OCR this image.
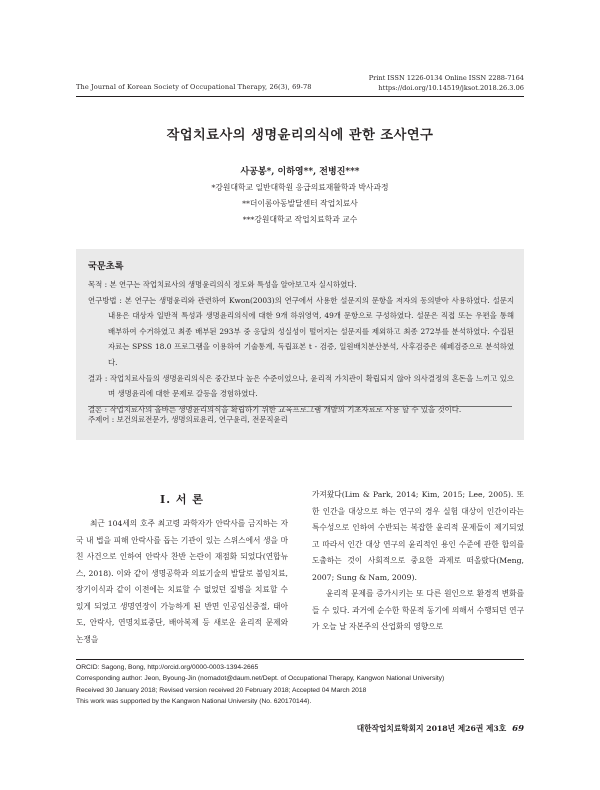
The Journal of Korean Society of Occupational Therapy, 26(3), 69-78
Print ISSN 1226-0134 Online ISSN 2288-7164
https://doi.org/10.14519/jksot.2018.26.3.06
작업치료사의 생명윤리의식에 관한 조사연구
사공봉*, 이하영**, 전병진***
*강원대학교 일반대학원 응급의료재활학과 박사과정
**더이롬아동발달센터 작업치료사
***강원대학교 작업치료학과 교수
국문초록
목적 : 본 연구는 작업치료사의 생명윤리의식 정도와 특성을 알아보고자 실시하였다.
연구방법 : 본 연구는 생명윤리와 관련하여 Kwon(2003)의 연구에서 사용한 설문지의 문항을 저자의 동의받아 사용하였다. 설문지 내용은 대상자 일반적 특성과 생명윤리의식에 대한 9개 하위영역, 49개 문항으로 구성하였다. 설문은 직접 또는 우편을 통해 배부하여 수거하였고 최종 배부된 293부 중 응답의 성실성이 떨어지는 설문지를 제외하고 최종 272부를 분석하였다. 수집된 자료는 SPSS 18.0 프로그램을 이용하여 기술통계, 독립표본 t - 검증, 일원배치분산분석, 사후검증은 쉐페검증으로 분석하였다.
결과 : 작업치료사들의 생명윤리의식은 중간보다 높은 수준이었으나, 윤리적 가치관이 확립되지 않아 의사결정의 혼돈을 느끼고 있으며 생명윤리에 대한 문제로 갈등을 경험하였다.
결론 : 작업치료사의 올바른 생명윤리의식을 확립하기 위한 교육프로그램 개발의 기초자료로 사용 할 수 있을 것이다.
주제어 : 보건의료전문가, 생명의료윤리, 연구윤리, 전문직윤리
Ⅰ. 서 론
최근 104세의 호주 최고령 과학자가 안락사를 금지하는 자국 내 법을 피해 안락사를 돕는 기관이 있는 스위스에서 생을 마친 사건으로 인하여 안락사 찬반 논란이 재점화 되었다(연합뉴스, 2018). 이와 같이 생명공학과 의료기술의 발달로 불임치료, 장기이식과 같이 이전에는 치료할 수 없었던 질병을 치료할 수 있게 되었고 생명연장이 가능하게 된 반면 인공임신중절, 태아도, 안락사, 연명치료중단, 배아복제 등 새로운 윤리적 문제와 논쟁을

가져왔다(Lim & Park, 2014; Kim, 2015; Lee, 2005). 또한 인간을 대상으로 하는 연구의 경우 실험 대상이 인간이라는 특수성으로 인하여 수반되는 복잡한 윤리적 문제들이 제기되었고 따라서 인간 대상 연구의 윤리적인 용인 수준에 관한 합의를 도출하는 것이 사회적으로 중요한 과제로 떠올랐다(Meng, 2007; Sung & Nam, 2009).

윤리적 문제를 증가시키는 또 다른 원인으로 환경적 변화를 들 수 있다. 과거에 순수한 학문적 동기에 의해서 수행되던 연구가 오늘 날 자본주의 산업화의 영향으로

ORCID: Sagong, Bong, http://orcid.org/0000-0003-1394-2665
Corresponding author: Jeon, Byoung-Jin (nomadot@daum.net/Dept. of Occupational Therapy, Kangwon National University)
Received 30 January 2018; Revised version received 20 February 2018; Accepted 04 March 2018
This work was supported by the Kangwon National University (No. 620170144).
대한작업치료학회지 2018년 제26권 제3호 69
